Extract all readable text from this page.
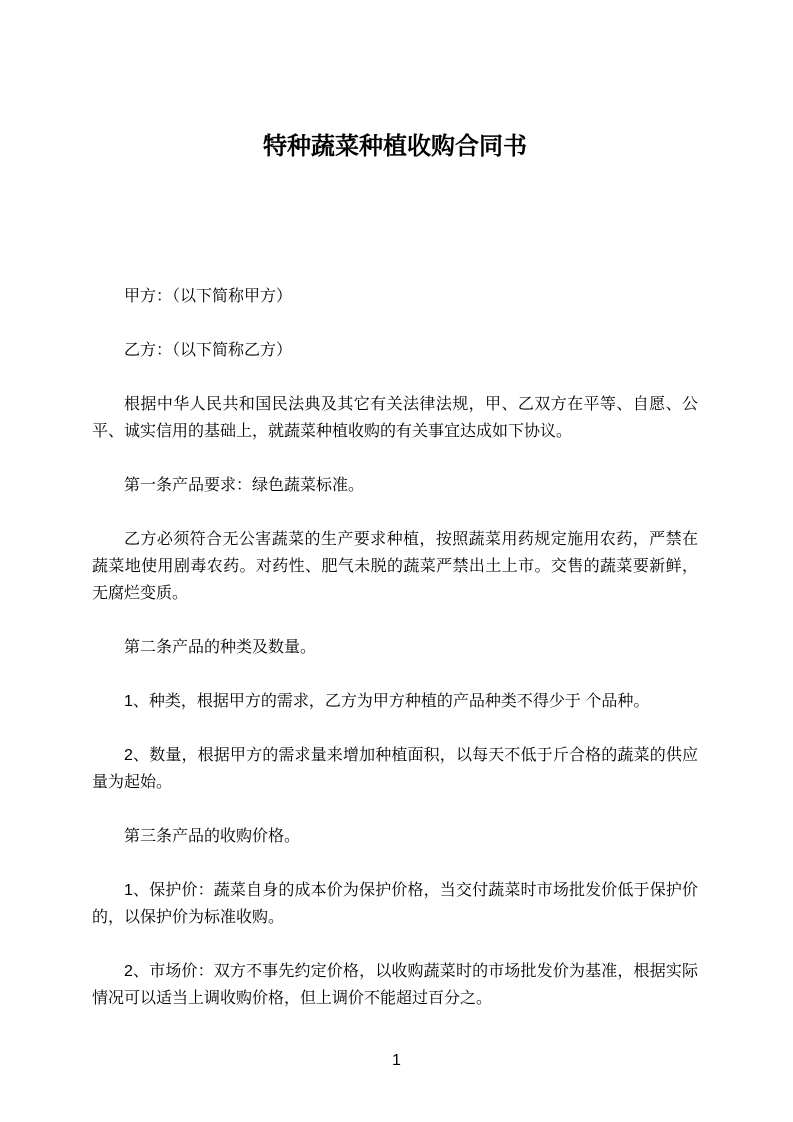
特种蔬菜种植收购合同书

甲方：（以下简称甲方）

乙方：（以下简称乙方）

根据中华人民共和国民法典及其它有关法律法规，甲、乙双方在平等、自愿、公平、诚实信用的基础上，就蔬菜种植收购的有关事宜达成如下协议。

第一条产品要求：绿色蔬菜标准。

乙方必须符合无公害蔬菜的生产要求种植，按照蔬菜用药规定施用农药，严禁在蔬菜地使用剧毒农药。对药性、肥气未脱的蔬菜严禁出土上市。交售的蔬菜要新鲜，无腐烂变质。

第二条产品的种类及数量。

1、种类，根据甲方的需求，乙方为甲方种植的产品种类不得少于 个品种。

2、数量，根据甲方的需求量来增加种植面积，以每天不低于斤合格的蔬菜的供应量为起始。

第三条产品的收购价格。

1、保护价：蔬菜自身的成本价为保护价格，当交付蔬菜时市场批发价低于保护价的，以保护价为标准收购。

2、市场价：双方不事先约定价格，以收购蔬菜时的市场批发价为基准，根据实际情况可以适当上调收购价格，但上调价不能超过百分之。

1
